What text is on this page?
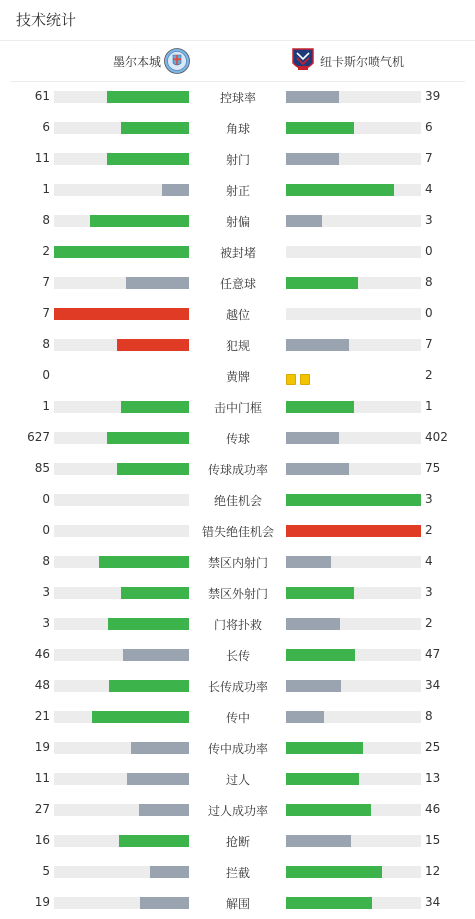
技术统计
墨尔本城	纽卡斯尔喷气机
61	控球率	39
6	角球	6
11	射门	7
1	射正	4
8	射偏	3
2	被封堵	0
7	任意球	8
7	越位	0
8	犯规	7
0	黄牌	2
1	击中门框	1
627	传球	402
85	传球成功率	75
0	绝佳机会	3
0	错失绝佳机会	2
8	禁区内射门	4
3	禁区外射门	3
3	门将扑救	2
46	长传	47
48	长传成功率	34
21	传中	8
19	传中成功率	25
11	过人	13
27	过人成功率	46
16	抢断	15
5	拦截	12
19	解围	34
